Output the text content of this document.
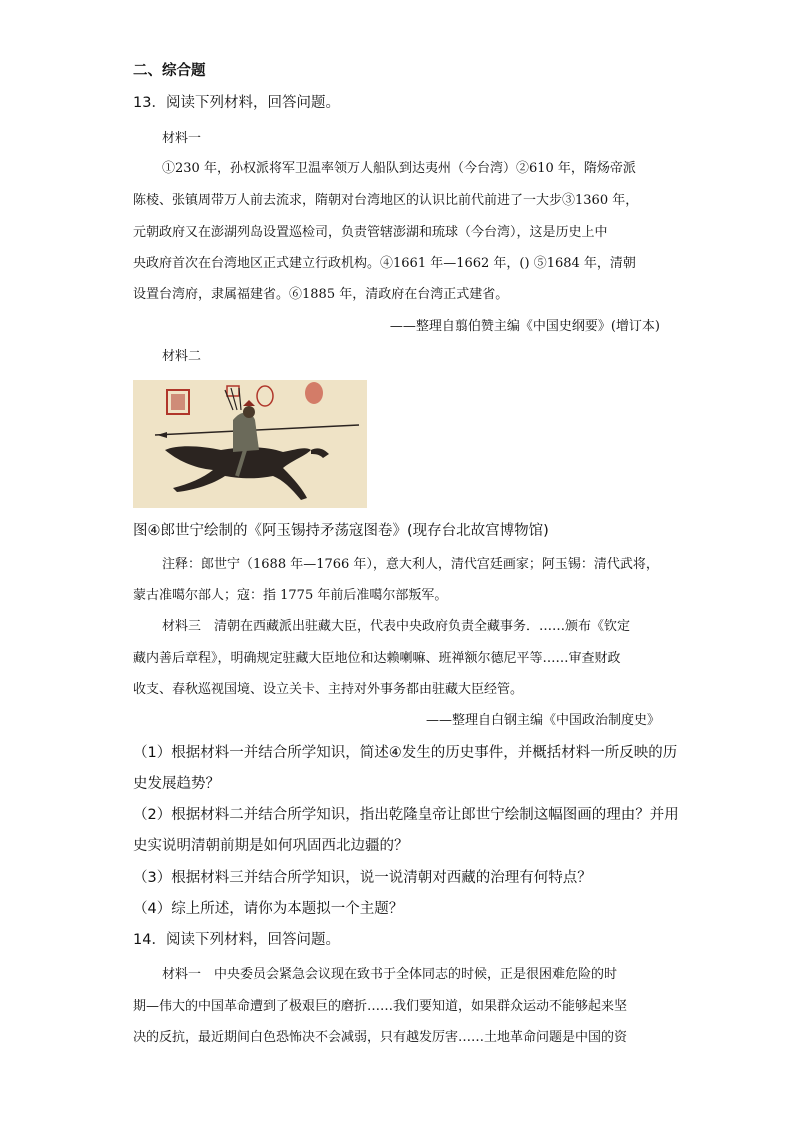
二、综合题
13．阅读下列材料，回答问题。
材料一
①230 年，孙权派将军卫温率领万人船队到达夷州（今台湾）②610 年，隋炀帝派
陈棱、张镇周带万人前去流求，隋朝对台湾地区的认识比前代前进了一大步③1360 年，
元朝政府又在澎湖列岛设置巡检司，负责管辖澎湖和琉球（今台湾），这是历史上中
央政府首次在台湾地区正式建立行政机构。④1661 年—1662 年，() ⑤1684 年，清朝
设置台湾府，隶属福建省。⑥1885 年，清政府在台湾正式建省。
——整理自翦伯赞主编《中国史纲要》(增订本)
材料二
图④郎世宁绘制的《阿玉锡持矛荡寇图卷》(现存台北故宫博物馆)
注释：郎世宁（1688 年—1766 年），意大利人，清代宫廷画家；阿玉锡：清代武将，
蒙古准噶尔部人；寇：指 1775 年前后准噶尔部叛军。
材料三　清朝在西藏派出驻藏大臣，代表中央政府负责全藏事务．……颁布《钦定
藏内善后章程》，明确规定驻藏大臣地位和达赖喇嘛、班禅额尔德尼平等……审查财政
收支、春秋巡视国境、设立关卡、主持对外事务都由驻藏大臣经管。
——整理自白钢主编《中国政治制度史》
（1）根据材料一并结合所学知识，简述④发生的历史事件，并概括材料一所反映的历
史发展趋势？
（2）根据材料二并结合所学知识，指出乾隆皇帝让郎世宁绘制这幅图画的理由？并用
史实说明清朝前期是如何巩固西北边疆的？
（3）根据材料三并结合所学知识，说一说清朝对西藏的治理有何特点？
（4）综上所述，请你为本题拟一个主题？
14．阅读下列材料，回答问题。
材料一　中央委员会紧急会议现在致书于全体同志的时候，正是很困难危险的时
期—伟大的中国革命遭到了极艰巨的磨折……我们要知道，如果群众运动不能够起来坚
决的反抗，最近期间白色恐怖决不会减弱，只有越发厉害……土地革命问题是中国的资
